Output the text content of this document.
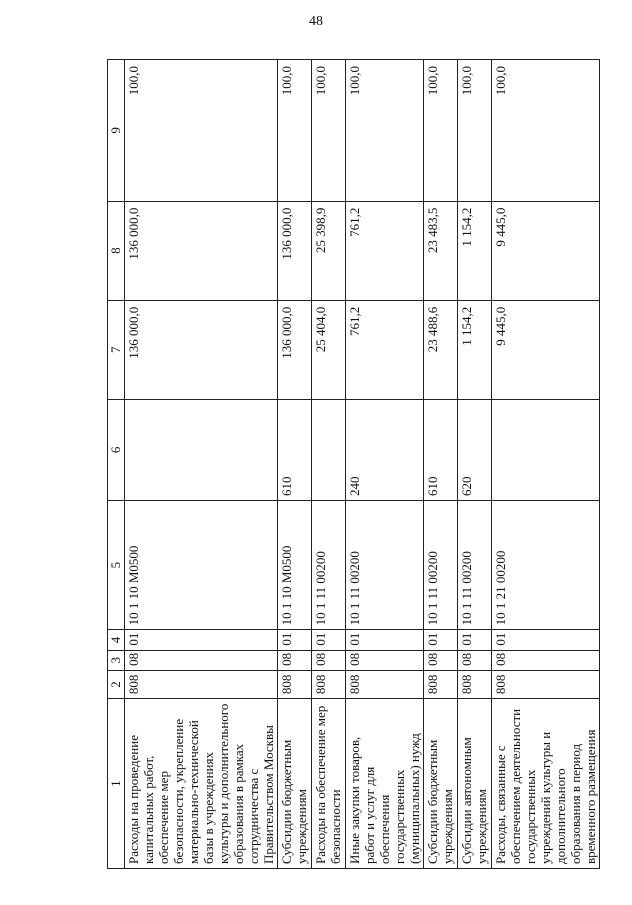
48
1	2	3	4	5	6	7	8	9
Расходы на проведение капитальных работ, обеспечение мер безопасности, укрепление материально-технической базы в учреждениях культуры и дополнительного образования в рамках сотрудничества с Правительством Москвы	808	08	01	10 1 10 M0500		136 000,0	136 000,0	100,0
Субсидии бюджетным учреждениям	808	08	01	10 1 10 M0500	610	136 000,0	136 000,0	100,0
Расходы на обеспечение мер безопасности	808	08	01	10 1 11 00200		25 404,0	25 398,9	100,0
Иные закупки товаров, работ и услуг для обеспечения государственных (муниципальных) нужд	808	08	01	10 1 11 00200	240	761,2	761,2	100,0
Субсидии бюджетным учреждениям	808	08	01	10 1 11 00200	610	23 488,6	23 483,5	100,0
Субсидии автономным учреждениям	808	08	01	10 1 11 00200	620	1 154,2	1 154,2	100,0
Расходы, связанные с обеспечением деятельности государственных учреждений культуры и дополнительного образования в период временного размещения	808	08	01	10 1 21 00200		9 445,0	9 445,0	100,0
